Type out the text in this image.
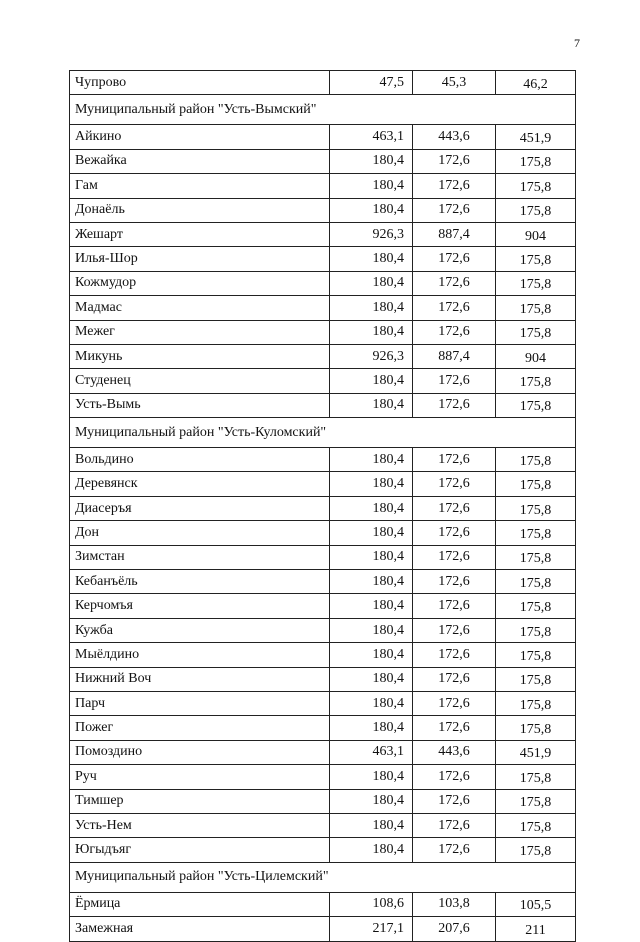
7
Чупрово	47,5	45,3	46,2
Муниципальный район "Усть-Вымский"			
Айкино	463,1	443,6	451,9
Вежайка	180,4	172,6	175,8
Гам	180,4	172,6	175,8
Донаёль	180,4	172,6	175,8
Жешарт	926,3	887,4	904
Илья-Шор	180,4	172,6	175,8
Кожмудор	180,4	172,6	175,8
Мадмас	180,4	172,6	175,8
Межег	180,4	172,6	175,8
Микунь	926,3	887,4	904
Студенец	180,4	172,6	175,8
Усть-Вымь	180,4	172,6	175,8
Муниципальный район "Усть-Куломский"			
Вольдино	180,4	172,6	175,8
Деревянск	180,4	172,6	175,8
Диасеръя	180,4	172,6	175,8
Дон	180,4	172,6	175,8
Зимстан	180,4	172,6	175,8
Кебанъёль	180,4	172,6	175,8
Керчомъя	180,4	172,6	175,8
Кужба	180,4	172,6	175,8
Мыёлдино	180,4	172,6	175,8
Нижний Воч	180,4	172,6	175,8
Парч	180,4	172,6	175,8
Пожег	180,4	172,6	175,8
Помоздино	463,1	443,6	451,9
Руч	180,4	172,6	175,8
Тимшер	180,4	172,6	175,8
Усть-Нем	180,4	172,6	175,8
Югыдъяг	180,4	172,6	175,8
Муниципальный район "Усть-Цилемский"			
Ёрмица	108,6	103,8	105,5
Замежная	217,1	207,6	211
